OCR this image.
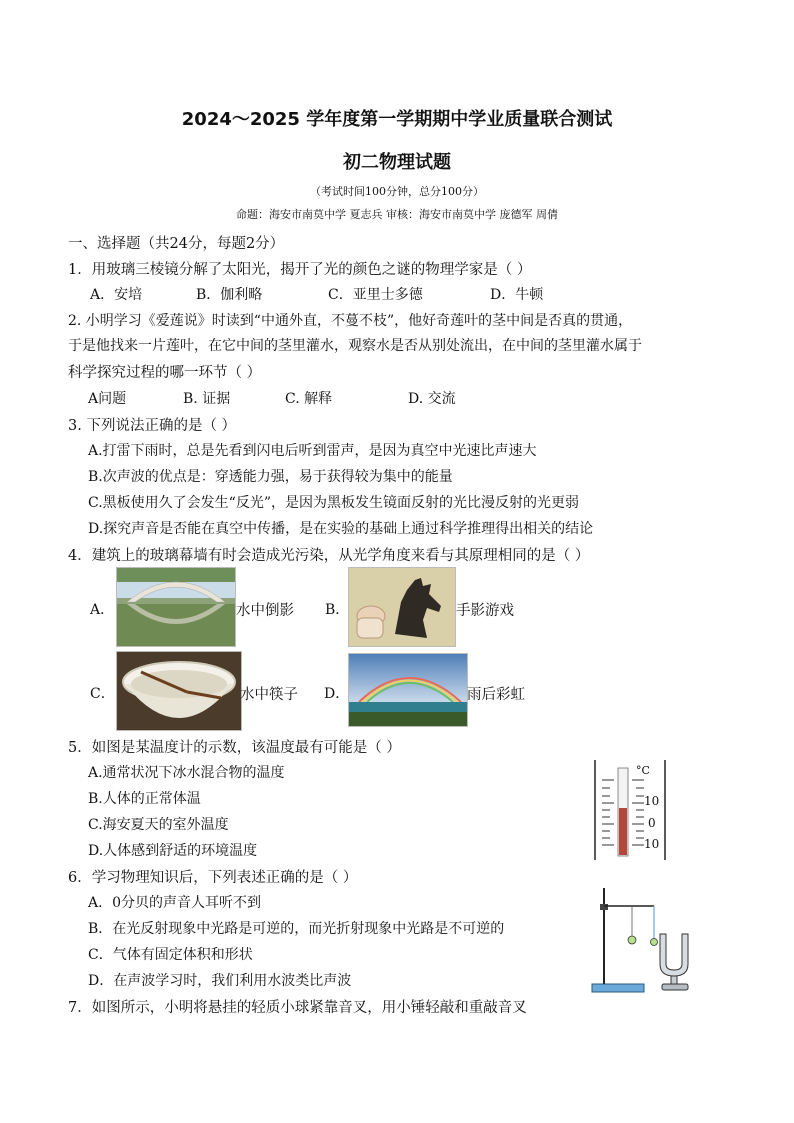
2024～2025 学年度第一学期期中学业质量联合测试
初二物理试题
（考试时间100分钟，总分100分）
命题：海安市南莫中学 夏志兵 审核：海安市南莫中学 庞德军 周倩
一、选择题（共24分，每题2分）
1．用玻璃三棱镜分解了太阳光，揭开了光的颜色之谜的物理学家是（ ）
A．安培	B．伽利略	C．亚里士多德	D．牛顿
2. 小明学习《爱莲说》时读到“中通外直，不蔓不枝”，他好奇莲叶的茎中间是否真的贯通，
于是他找来一片莲叶，在它中间的茎里灌水，观察水是否从别处流出，在中间的茎里灌水属于
科学探究过程的哪一环节（ ）
A问题	B. 证据	C. 解释	D. 交流
3. 下列说法正确的是（ ）
A.打雷下雨时，总是先看到闪电后听到雷声，是因为真空中光速比声速大
B.次声波的优点是：穿透能力强，易于获得较为集中的能量
C.黑板使用久了会发生“反光”，是因为黑板发生镜面反射的光比漫反射的光更弱
D.探究声音是否能在真空中传播，是在实验的基础上通过科学推理得出相关的结论
4．建筑上的玻璃幕墙有时会造成光污染，从光学角度来看与其原理相同的是（ ）
A．	水中倒影 B．	手影游戏
C．	水中筷子 D．	雨后彩虹
5．如图是某温度计的示数，该温度最有可能是（ ）
A.通常状况下冰水混合物的温度
B.人体的正常体温
C.海安夏天的室外温度
D.人体感到舒适的环境温度
°C
10
0
10
6．学习物理知识后，下列表述正确的是（ ）
A．0分贝的声音人耳听不到
B．在光反射现象中光路是可逆的，而光折射现象中光路是不可逆的
C．气体有固定体积和形状
D．在声波学习时，我们利用水波类比声波
7．如图所示，小明将悬挂的轻质小球紧靠音叉，用小锤轻敲和重敲音叉
